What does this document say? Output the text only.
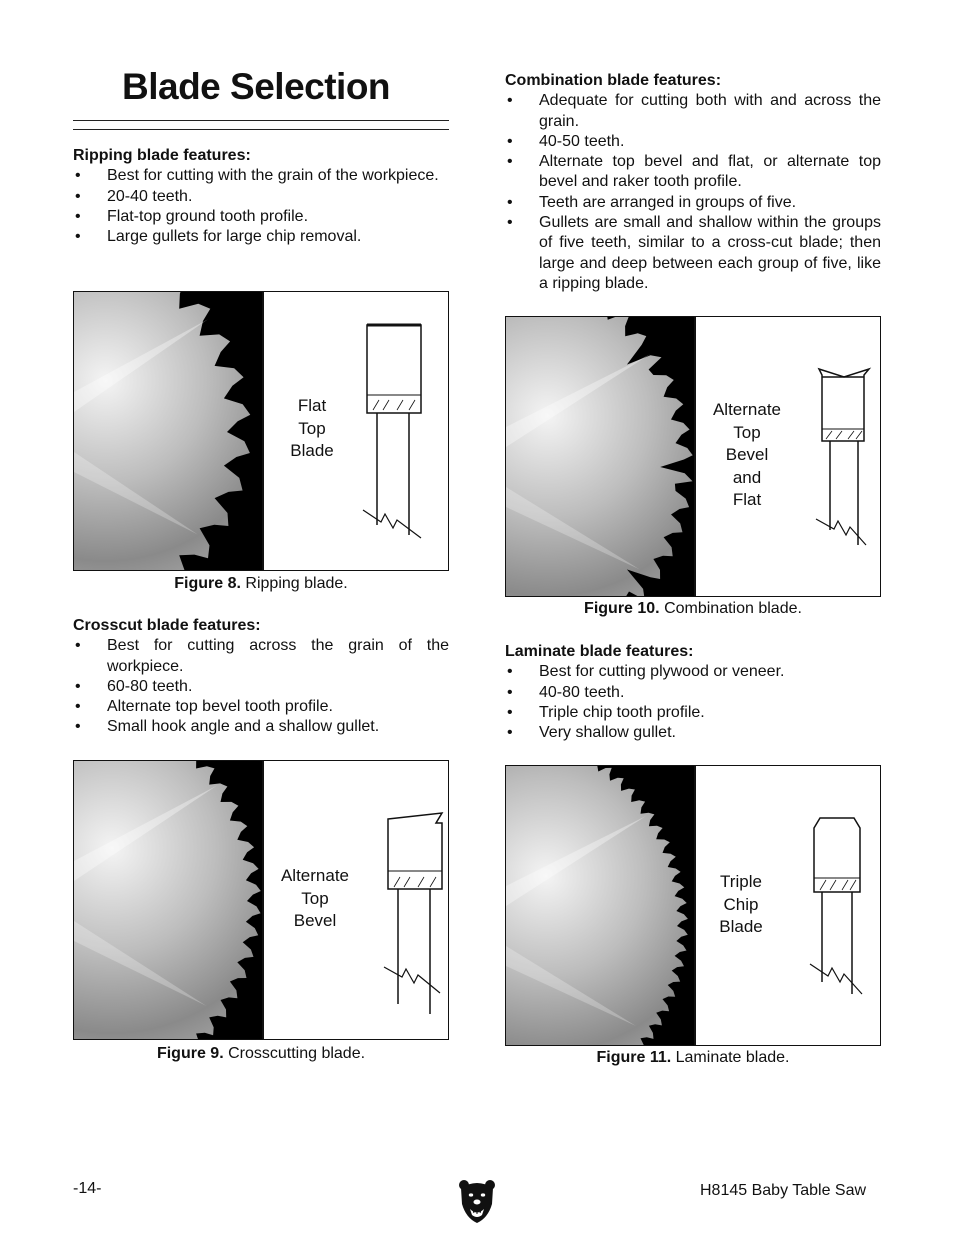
Blade Selection
Ripping blade features:
• Best for cutting with the grain of the workpiece.
• 20-40 teeth.
• Flat-top ground tooth profile.
• Large gullets for large chip removal.
Flat
Top
Blade
Figure 8. Ripping blade.
Crosscut blade features:
• Best for cutting across the grain of the workpiece.
• 60-80 teeth.
• Alternate top bevel tooth profile.
• Small hook angle and a shallow gullet.
Alternate
Top
Bevel
Figure 9. Crosscutting blade.
Combination blade features:
• Adequate for cutting both with and across the grain.
• 40-50 teeth.
• Alternate top bevel and flat, or alternate top bevel and raker tooth profile.
• Teeth are arranged in groups of five.
• Gullets are small and shallow within the groups of five teeth, similar to a cross-cut blade; then large and deep between each group of five, like a ripping blade.
Alternate
Top
Bevel
and
Flat
Figure 10. Combination blade.
Laminate blade features:
• Best for cutting plywood or veneer.
• 40-80 teeth.
• Triple chip tooth profile.
• Very shallow gullet.
Triple
Chip
Blade
Figure 11. Laminate blade.
-14-	H8145 Baby Table Saw
